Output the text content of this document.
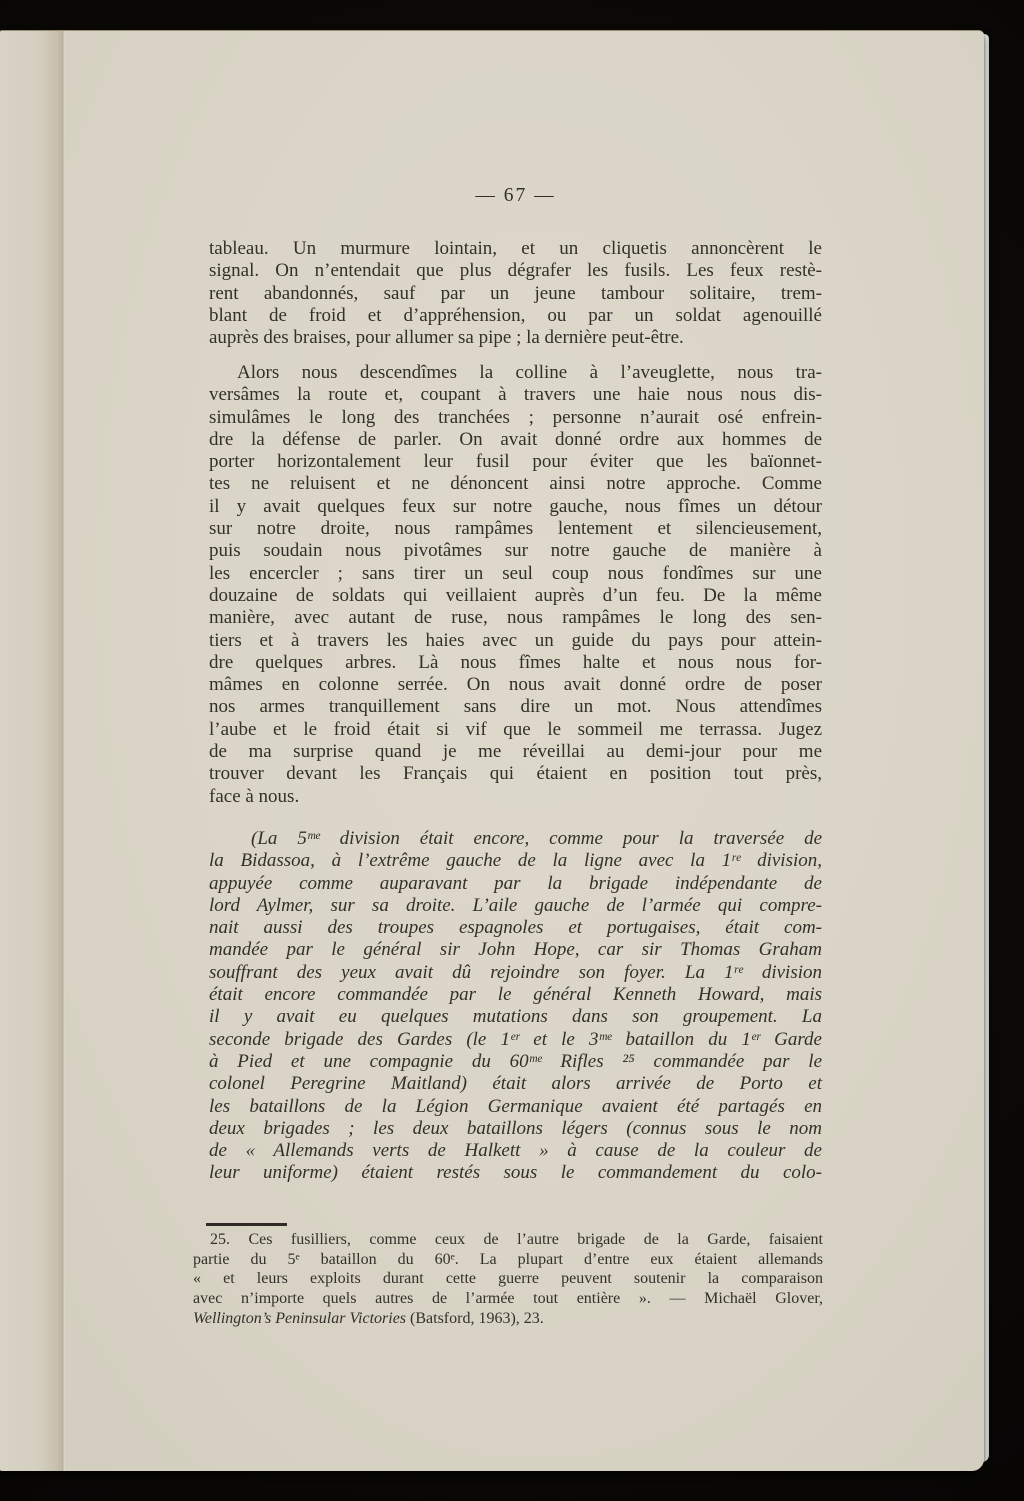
— 67 —
tableau. Un murmure lointain, et un cliquetis annoncèrent le
signal. On n’entendait que plus dégrafer les fusils. Les feux restè-
rent abandonnés, sauf par un jeune tambour solitaire, trem-
blant de froid et d’appréhension, ou par un soldat agenouillé
auprès des braises, pour allumer sa pipe ; la dernière peut-être.
Alors nous descendîmes la colline à l’aveuglette, nous tra-
versâmes la route et, coupant à travers une haie nous nous dis-
simulâmes le long des tranchées ; personne n’aurait osé enfrein-
dre la défense de parler. On avait donné ordre aux hommes de
porter horizontalement leur fusil pour éviter que les baïonnet-
tes ne reluisent et ne dénoncent ainsi notre approche. Comme
il y avait quelques feux sur notre gauche, nous fîmes un détour
sur notre droite, nous rampâmes lentement et silencieusement,
puis soudain nous pivotâmes sur notre gauche de manière à
les encercler ; sans tirer un seul coup nous fondîmes sur une
douzaine de soldats qui veillaient auprès d’un feu. De la même
manière, avec autant de ruse, nous rampâmes le long des sen-
tiers et à travers les haies avec un guide du pays pour attein-
dre quelques arbres. Là nous fîmes halte et nous nous for-
mâmes en colonne serrée. On nous avait donné ordre de poser
nos armes tranquillement sans dire un mot. Nous attendîmes
l’aube et le froid était si vif que le sommeil me terrassa. Jugez
de ma surprise quand je me réveillai au demi-jour pour me
trouver devant les Français qui étaient en position tout près,
face à nous.
(La 5ᵐᵉ division était encore, comme pour la traversée de
la Bidassoa, à l’extrême gauche de la ligne avec la 1ʳᵉ division,
appuyée comme auparavant par la brigade indépendante de
lord Aylmer, sur sa droite. L’aile gauche de l’armée qui compre-
nait aussi des troupes espagnoles et portugaises, était com-
mandée par le général sir John Hope, car sir Thomas Graham
souffrant des yeux avait dû rejoindre son foyer. La 1ʳᵉ division
était encore commandée par le général Kenneth Howard, mais
il y avait eu quelques mutations dans son groupement. La
seconde brigade des Gardes (le 1ᵉʳ et le 3ᵐᵉ bataillon du 1ᵉʳ Garde
à Pied et une compagnie du 60ᵐᵉ Rifles ²⁵ commandée par le
colonel Peregrine Maitland) était alors arrivée de Porto et
les bataillons de la Légion Germanique avaient été partagés en
deux brigades ; les deux bataillons légers (connus sous le nom
de « Allemands verts de Halkett » à cause de la couleur de
leur uniforme) étaient restés sous le commandement du colo-
25. Ces fusilliers, comme ceux de l’autre brigade de la Garde, faisaient
partie du 5ᵉ bataillon du 60ᵉ. La plupart d’entre eux étaient allemands
« et leurs exploits durant cette guerre peuvent soutenir la comparaison
avec n’importe quels autres de l’armée tout entière ». — Michaël Glover,
Wellington’s Peninsular Victories (Batsford, 1963), 23.
